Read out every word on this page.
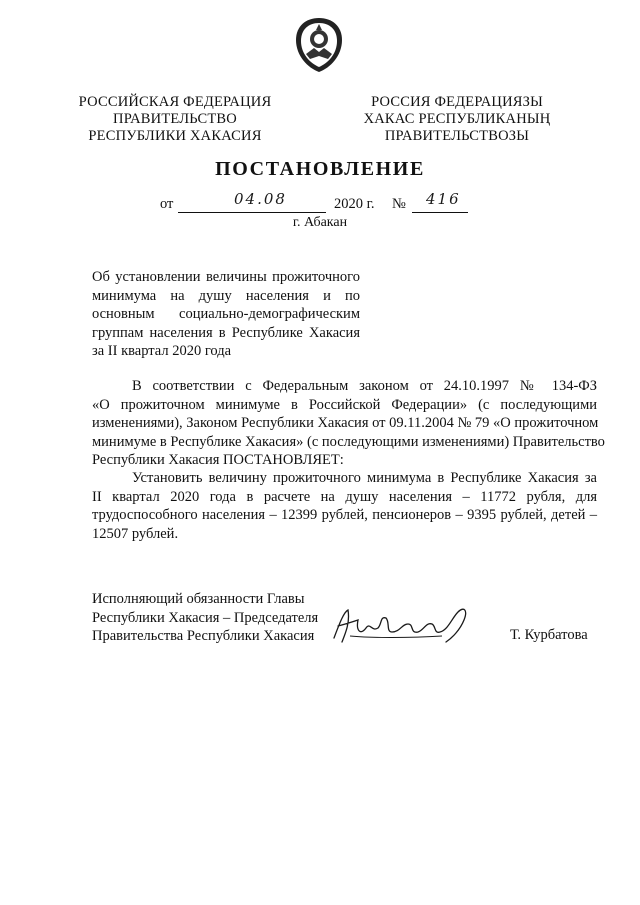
РОССИЙСКАЯ ФЕДЕРАЦИЯ
ПРАВИТЕЛЬСТВО
РЕСПУБЛИКИ ХАКАСИЯ
РОССИЯ ФЕДЕРАЦИЯЗЫ
ХАКАС РЕСПУБЛИКАНЫҢ
ПРАВИТЕЛЬСТВОЗЫ
ПОСТАНОВЛЕНИЕ
от	04.08	2020 г. № 416
г. Абакан
Об установлении величины прожиточного
минимума на душу населения и по
основным социально-демографическим
группам населения в Республике Хакасия
за II квартал 2020 года
В соответствии с Федеральным законом от 24.10.1997 № 134-ФЗ
«О прожиточном минимуме в Российской Федерации» (с последующими
изменениями), Законом Республики Хакасия от 09.11.2004 № 79 «О прожиточном
минимуме в Республике Хакасия» (с последующими изменениями) Правительство
Республики Хакасия ПОСТАНОВЛЯЕТ:
Установить величину прожиточного минимума в Республике Хакасия за
II квартал 2020 года в расчете на душу населения – 11772 рубля, для
трудоспособного населения – 12399 рублей, пенсионеров – 9395 рублей, детей –
12507 рублей.
Исполняющий обязанности Главы
Республики Хакасия – Председателя
Правительства Республики Хакасия	Т. Курбатова
